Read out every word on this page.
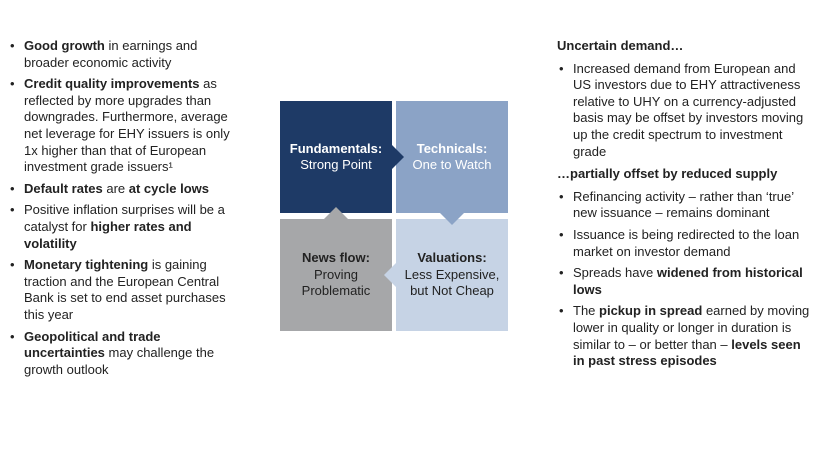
• Good growth in earnings and broader economic activity
• Credit quality improvements as reflected by more upgrades than downgrades. Furthermore, average net leverage for EHY issuers is only 1x higher than that of European investment grade issuers¹
• Default rates are at cycle lows
• Positive inflation surprises will be a catalyst for higher rates and volatility
• Monetary tightening is gaining traction and the European Central Bank is set to end asset purchases this year
• Geopolitical and trade uncertainties may challenge the growth outlook
Fundamentals:
Strong Point
Technicals:
One to Watch
News flow:
Proving Problematic
Valuations:
Less Expensive, but Not Cheap
Uncertain demand…
• Increased demand from European and US investors due to EHY attractiveness relative to UHY on a currency-adjusted basis may be offset by investors moving up the credit spectrum to investment grade
…partially offset by reduced supply
• Refinancing activity – rather than ‘true’ new issuance – remains dominant
• Issuance is being redirected to the loan market on investor demand
• Spreads have widened from historical lows
• The pickup in spread earned by moving lower in quality or longer in duration is similar to – or better than – levels seen in past stress episodes
